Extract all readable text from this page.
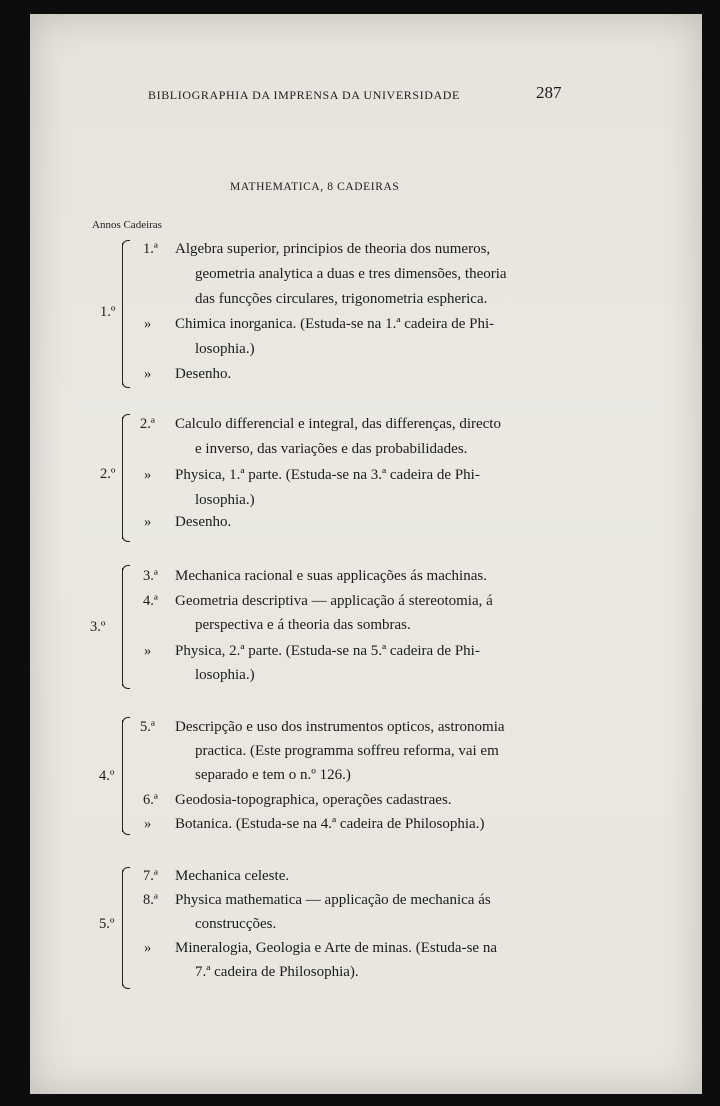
BIBLIOGRAPHIA DA IMPRENSA DA UNIVERSIDADE	287
MATHEMATICA, 8 CADEIRAS
Annos Cadeiras
1.º
1.ª Algebra superior, principios de theoria dos numeros,
geometria analytica a duas e tres dimensões, theoria
das funcções circulares, trigonometria espherica.
» Chimica inorganica. (Estuda-se na 1.ª cadeira de Phi-
losophia.)
» Desenho.
2.º
2.ª Calculo differencial e integral, das differenças, directo
e inverso, das variações e das probabilidades.
» Physica, 1.ª parte. (Estuda-se na 3.ª cadeira de Phi-
losophia.)
» Desenho.
3.º
3.ª Mechanica racional e suas applicações ás machinas.
4.ª Geometria descriptiva — applicação á stereotomia, á
perspectiva e á theoria das sombras.
» Physica, 2.ª parte. (Estuda-se na 5.ª cadeira de Phi-
losophia.)
4.º
5.ª Descripção e uso dos instrumentos opticos, astronomia
practica. (Este programma soffreu reforma, vai em
separado e tem o n.º 126.)
6.ª Geodosia-topographica, operações cadastraes.
» Botanica. (Estuda-se na 4.ª cadeira de Philosophia.)
5.º
7.ª Mechanica celeste.
8.ª Physica mathematica — applicação de mechanica ás
construcções.
» Mineralogia, Geologia e Arte de minas. (Estuda-se na
7.ª cadeira de Philosophia).
